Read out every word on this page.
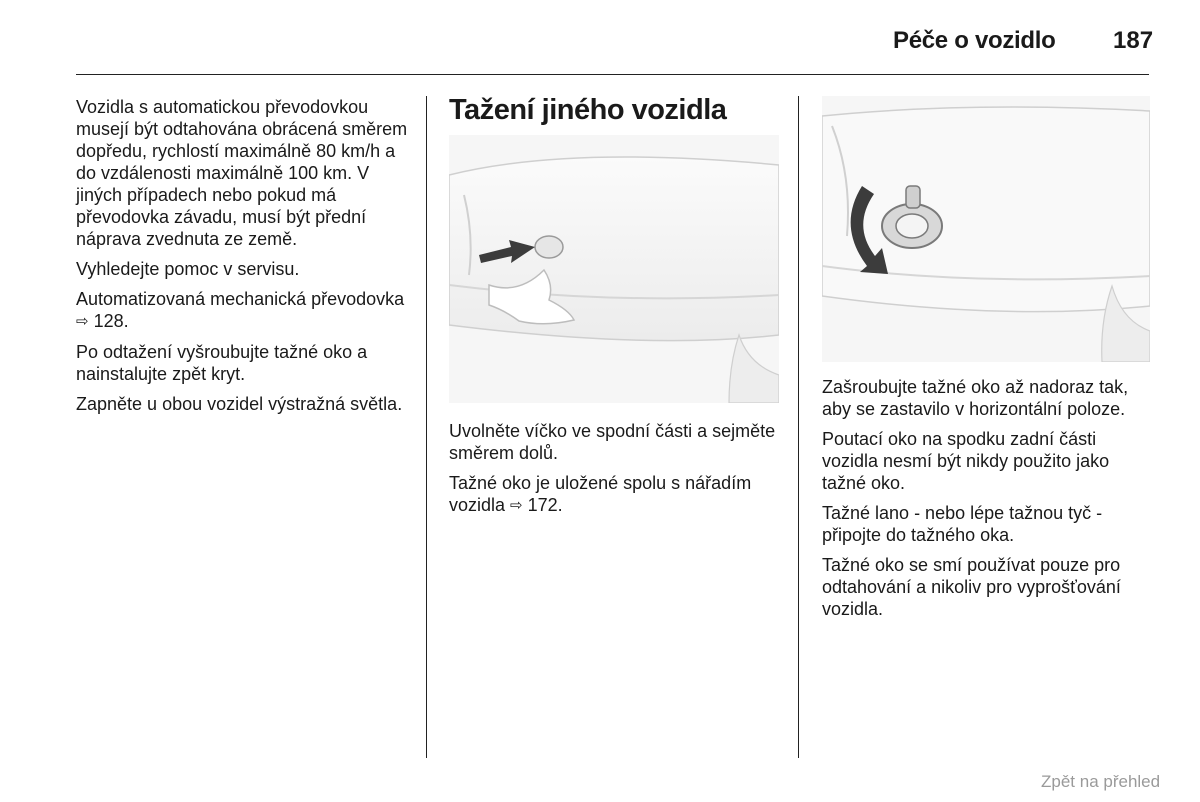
Péče o vozidlo 187

Vozidla s automatickou převodovkou musejí být odtahována obrácená směrem dopředu, rychlostí maximálně 80 km/h a do vzdálenosti maximálně 100 km. V jiných případech nebo pokud má převodovka závadu, musí být přední náprava zvednuta ze země.

Vyhledejte pomoc v servisu.

Automatizovaná mechanická převodovka ⇨ 128.

Po odtažení vyšroubujte tažné oko a nainstalujte zpět kryt.

Zapněte u obou vozidel výstražná světla.

Tažení jiného vozidla

Uvolněte víčko ve spodní části a sejměte směrem dolů.

Tažné oko je uložené spolu s nářadím vozidla ⇨ 172.

Zašroubujte tažné oko až nadoraz tak, aby se zastavilo v horizontální poloze.

Poutací oko na spodku zadní části vozidla nesmí být nikdy použito jako tažné oko.

Tažné lano - nebo lépe tažnou tyč - připojte do tažného oka.

Tažné oko se smí používat pouze pro odtahování a nikoliv pro vyprošťování vozidla.

Zpět na přehled
